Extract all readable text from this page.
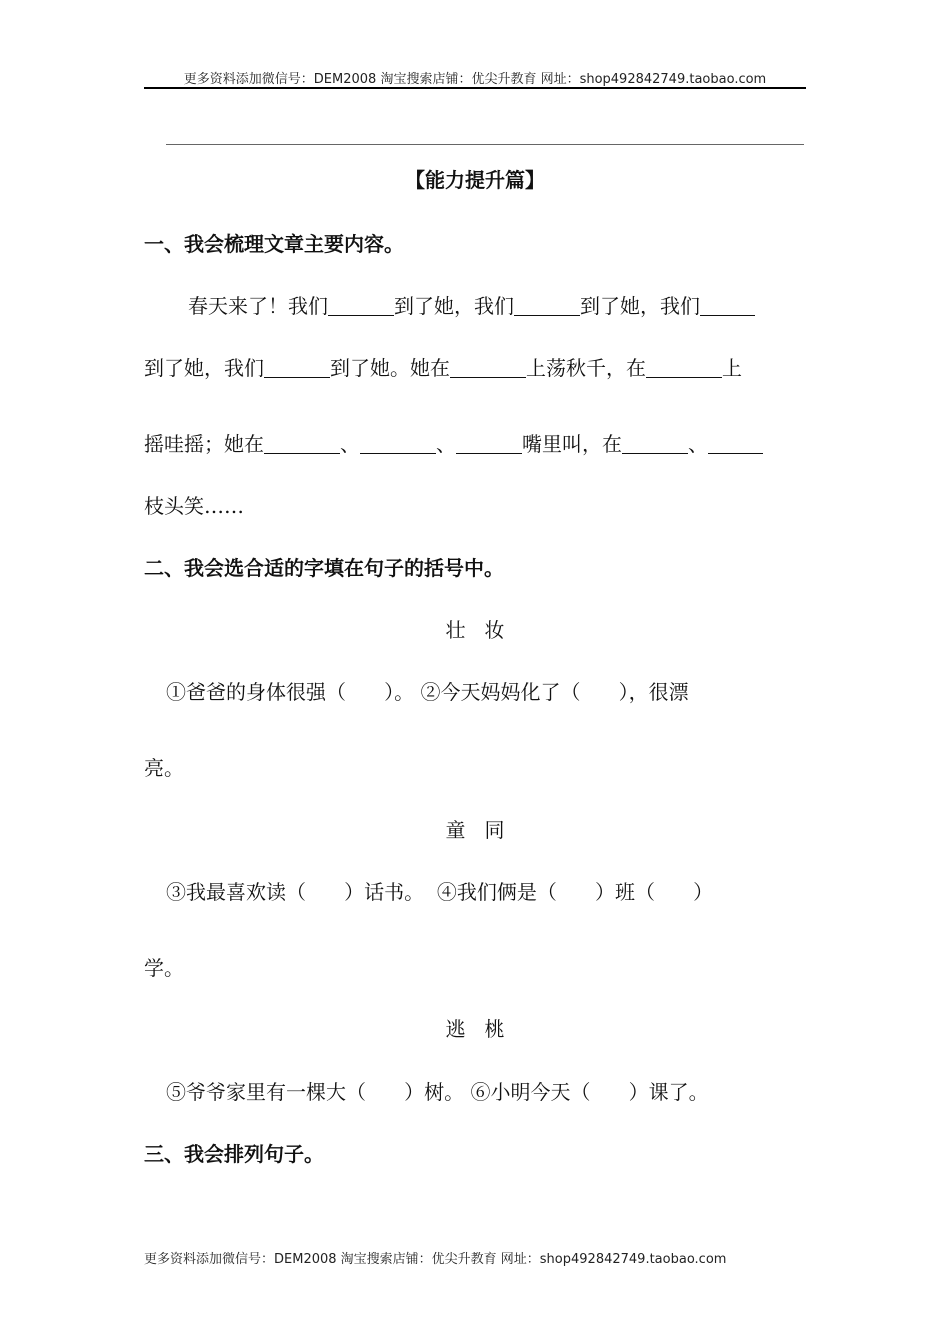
更多资料添加微信号：DEM2008 淘宝搜索店铺：优尖升教育 网址：shop492842749.taobao.com
【能力提升篇】
一、我会梳理文章主要内容。
春天来了！我们	到了她，我们	到了她，我们
到了她，我们	到了她。她在	上荡秋千，在	上
摇哇摇；她在	、	、	嘴里叫，在	、
枝头笑……
二、我会选合适的字填在句子的括号中。
壮   妆
①爸爸的身体很强（      ）。 ②今天妈妈化了（      ），很漂
亮。
童   同
③我最喜欢读（      ）话书。  ④我们俩是（      ）班（      ）
学。
逃   桃
⑤爷爷家里有一棵大（      ）树。 ⑥小明今天（      ）课了。
三、我会排列句子。
更多资料添加微信号：DEM2008 淘宝搜索店铺：优尖升教育 网址：shop492842749.taobao.com
